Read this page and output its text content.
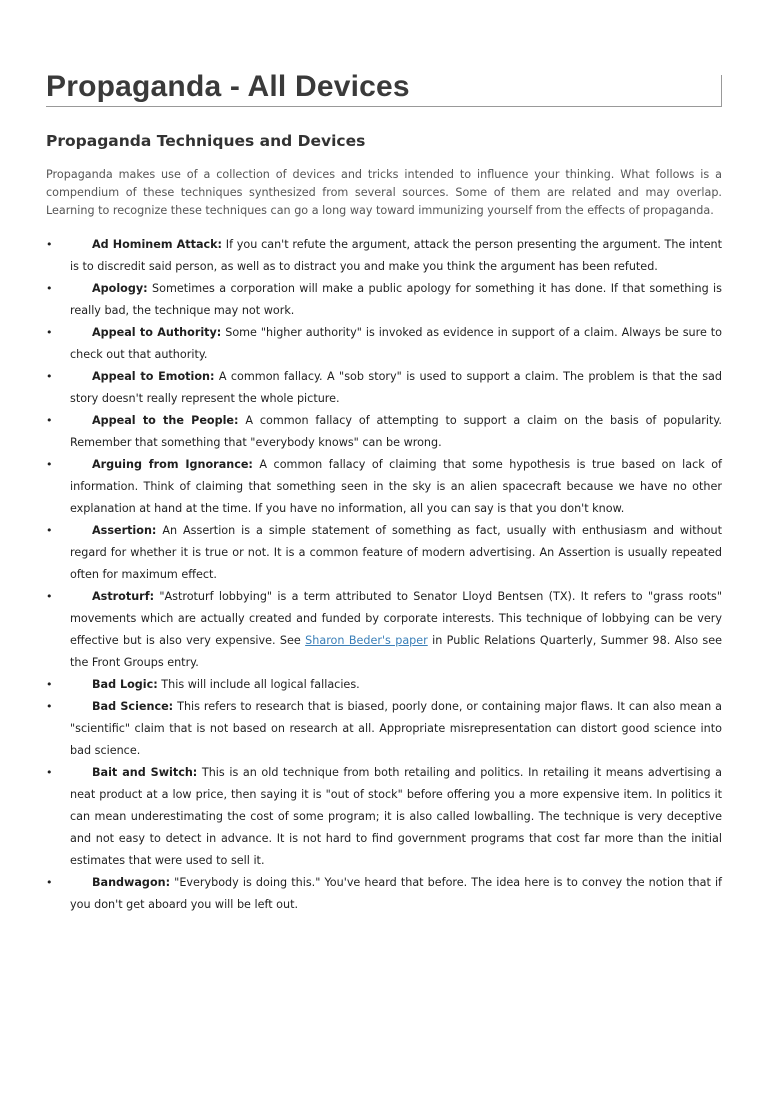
Propaganda - All Devices
Propaganda Techniques and Devices

Propaganda makes use of a collection of devices and tricks intended to influence your thinking. What follows is a compendium of these techniques synthesized from several sources. Some of them are related and may overlap. Learning to recognize these techniques can go a long way toward immunizing yourself from the effects of propaganda.

•	Ad Hominem Attack: If you can't refute the argument, attack the person presenting the argument. The intent is to discredit said person, as well as to distract you and make you think the argument has been refuted.
•	Apology: Sometimes a corporation will make a public apology for something it has done. If that something is really bad, the technique may not work.
•	Appeal to Authority: Some "higher authority" is invoked as evidence in support of a claim. Always be sure to check out that authority.
•	Appeal to Emotion: A common fallacy. A "sob story" is used to support a claim. The problem is that the sad story doesn't really represent the whole picture.
•	Appeal to the People: A common fallacy of attempting to support a claim on the basis of popularity. Remember that something that "everybody knows" can be wrong.
•	Arguing from Ignorance: A common fallacy of claiming that some hypothesis is true based on lack of information. Think of claiming that something seen in the sky is an alien spacecraft because we have no other explanation at hand at the time. If you have no information, all you can say is that you don't know.
•	Assertion: An Assertion is a simple statement of something as fact, usually with enthusiasm and without regard for whether it is true or not. It is a common feature of modern advertising. An Assertion is usually repeated often for maximum effect.
•	Astroturf: "Astroturf lobbying" is a term attributed to Senator Lloyd Bentsen (TX). It refers to "grass roots" movements which are actually created and funded by corporate interests. This technique of lobbying can be very effective but is also very expensive. See Sharon Beder's paper in Public Relations Quarterly, Summer 98. Also see the Front Groups entry.
•	Bad Logic: This will include all logical fallacies.
•	Bad Science: This refers to research that is biased, poorly done, or containing major flaws. It can also mean a "scientific" claim that is not based on research at all. Appropriate misrepresentation can distort good science into bad science.
•	Bait and Switch: This is an old technique from both retailing and politics. In retailing it means advertising a neat product at a low price, then saying it is "out of stock" before offering you a more expensive item. In politics it can mean underestimating the cost of some program; it is also called lowballing. The technique is very deceptive and not easy to detect in advance. It is not hard to find government programs that cost far more than the initial estimates that were used to sell it.
•	Bandwagon: "Everybody is doing this." You've heard that before. The idea here is to convey the notion that if you don't get aboard you will be left out.
